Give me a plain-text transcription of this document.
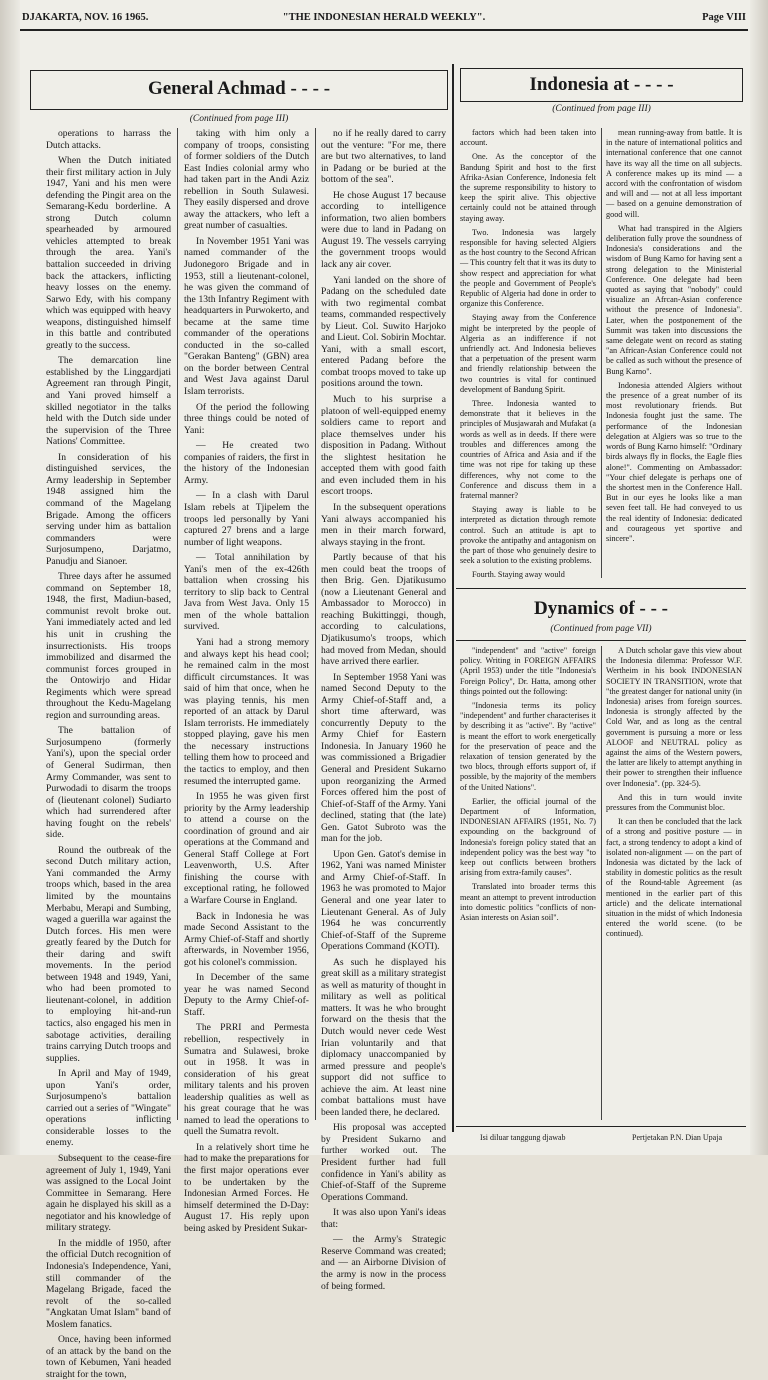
DJAKARTA, NOV. 16 1965.	"THE INDONESIAN HERALD WEEKLY".	Page VIII
General Achmad - - - -
(Continued from page III)

operations to harrass the Dutch attacks.

When the Dutch initiated their first military action in July 1947, Yani and his men were defending the Pingit area on the Semarang-Kedu borderline. A strong Dutch column spearheaded by armoured vehicles attempted to break through the area. Yani's battalion succeeded in driving back the attackers, inflicting heavy losses on the enemy. Sarwo Edy, with his company which was equipped with heavy weapons, distinguished himself in this battle and contributed greatly to the success.

The demarcation line established by the Linggardjati Agreement ran through Pingit, and Yani proved himself a skilled negotiator in the talks held with the Dutch side under the supervision of the Three Nations' Committee.

In consideration of his distinguished services, the Army leadership in September 1948 assigned him the command of the Magelang Brigade. Among the officers serving under him as battalion commanders were Surjosumpeno, Darjatmo, Panudju and Sianoer.

Three days after he assumed command on September 18, 1948, the first, Madiun-based, communist revolt broke out. Yani immediately acted and led his unit in crushing the insurrectionists. His troops immobilized and disarmed the communist forces grouped in the Ontowirjo and Hidar Regiments which were spread throughout the Kedu-Magelang region and surrounding areas.

The battalion of Surjosumpeno (formerly Yani's), upon the special order of General Sudirman, then Army Commander, was sent to Purwodadi to disarm the troops of (lieutenant colonel) Sudiarto which had surrendered after having fought on the rebels' side.

Round the outbreak of the second Dutch military action, Yani commanded the Army troops which, based in the area limited by the mountains Merbabu, Merapi and Sumbing, waged a guerilla war against the Dutch forces. His men were greatly feared by the Dutch for their daring and swift movements. In the period between 1948 and 1949, Yani, who had been promoted to lieutenant-colonel, in addition to employing hit-and-run tactics, also engaged his men in sabotage activities, derailing trains carrying Dutch troops and supplies.

In April and May of 1949, upon Yani's order, Surjosumpeno's battalion carried out a series of "Wingate" operations inflicting considerable losses to the enemy.

Subsequent to the cease-fire agreement of July 1, 1949, Yani was assigned to the Local Joint Committee in Semarang. Here again he displayed his skill as a negotiator and his knowledge of military strategy.

In the middle of 1950, after the official Dutch recognition of Indonesia's Independence, Yani, still commander of the Magelang Brigade, faced the revolt of the so-called "Angkatan Umat Islam" band of Moslem fanatics.

Once, having been informed of an attack by the band on the town of Kebumen, Yani headed straight for the town,

taking with him only a company of troops, consisting of former soldiers of the Dutch East Indies colonial army who had taken part in the Andi Aziz rebellion in South Sulawesi. They easily dispersed and drove away the attackers, who left a great number of casualties.

In November 1951 Yani was named commander of the Judonegoro Brigade and in 1953, still a lieutenant-colonel, he was given the command of the 13th Infantry Regiment with headquarters in Purwokerto, and became at the same time commander of the operations conducted in the so-called "Gerakan Banteng" (GBN) area on the border between Central and West Java against Darul Islam terrorists.

Of the period the following three things could be noted of Yani:

— He created two companies of raiders, the first in the history of the Indonesian Army.

— In a clash with Darul Islam rebels at Tjipelem the troops led personally by Yani captured 27 brens and a large number of light weapons.

— Total annihilation by Yani's men of the ex-426th battalion when crossing his territory to slip back to Central Java from West Java. Only 15 men of the whole battalion survived.

Yani had a strong memory and always kept his head cool; he remained calm in the most difficult circumstances. It was said of him that once, when he was playing tennis, his men reported of an attack by Darul Islam terrorists. He immediately stopped playing, gave his men the necessary instructions telling them how to proceed and the tactics to employ, and then resumed the interrupted game.

In 1955 he was given first priority by the Army leadership to attend a course on the coordination of ground and air operations at the Command and General Staff College at Fort Leavenworth, U.S. After finishing the course with exceptional rating, he followed a Warfare Course in England.

Back in Indonesia he was made Second Assistant to the Army Chief-of-Staff and shortly afterwards, in November 1956, got his colonel's commission.

In December of the same year he was named Second Deputy to the Army Chief-of-Staff.

The PRRI and Permesta rebellion, respectively in Sumatra and Sulawesi, broke out in 1958. It was in consideration of his great military talents and his proven leadership qualities as well as his great courage that he was named to lead the operations to quell the Sumatra revolt.

In a relatively short time he had to make the preparations for the first major operations ever to be undertaken by the Indonesian Armed Forces. He himself determined the D-Day: August 17. His reply upon being asked by President Sukar-

no if he really dared to carry out the venture: "For me, there are but two alternatives, to land in Padang or be buried at the bottom of the sea".

He chose August 17 because according to intelligence information, two alien bombers were due to land in Padang on August 19. The vessels carrying the government troops would lack any air cover.

Yani landed on the shore of Padang on the scheduled date with two regimental combat teams, commanded respectively by Lieut. Col. Suwito Harjoko and Lieut. Col. Sobirin Mochtar. Yani, with a small escort, entered Padang before the combat troops moved to take up positions around the town.

Much to his surprise a platoon of well-equipped enemy soldiers came to report and place themselves under his disposition in Padang. Without the slightest hesitation he accepted them with good faith and even included them in his escort troops.

In the subsequent operations Yani always accompanied his men in their march forward, always staying in the front.

Partly because of that his men could beat the troops of then Brig. Gen. Djatikusumo (now a Lieutenant General and Ambassador to Morocco) in reaching Bukittinggi, though, according to calculations, Djatikusumo's troops, which had moved from Medan, should have arrived there earlier.

In September 1958 Yani was named Second Deputy to the Army Chief-of-Staff and, a short time afterward, was concurrently Deputy to the Army Chief for Eastern Indonesia. In January 1960 he was commissioned a Brigadier General and President Sukarno upon reorganizing the Armed Forces offered him the post of Chief-of-Staff of the Army. Yani declined, stating that (the late) Gen. Gatot Subroto was the man for the job.

Upon Gen. Gatot's demise in 1962, Yani was named Minister and Army Chief-of-Staff. In 1963 he was promoted to Major General and one year later to Lieutenant General. As of July 1964 he was concurrently Chief-of-Staff of the Supreme Operations Command (KOTI).

As such he displayed his great skill as a military strategist as well as maturity of thought in military as well as political matters. It was he who brought forward on the thesis that the Dutch would never cede West Irian voluntarily and that diplomacy unaccompanied by armed pressure and people's support did not suffice to achieve the aim. At least nine combat battalions must have been landed there, he declared.

His proposal was accepted by President Sukarno and further worked out. The President further had full confidence in Yani's ability as Chief-of-Staff of the Supreme Operations Command.

It was also upon Yani's ideas that:

— the Army's Strategic Reserve Command was created; and — an Airborne Division of the army is now in the process of being formed.

Indonesia at - - - -
(Continued from page III)

factors which had been taken into account.

One. As the conceptor of the Bandung Spirit and host to the first Afrika-Asian Conference, Indonesia felt the supreme responsibility to history to keep the spirit alive. This objective certainly could not be attained through staying away.

Two. Indonesia was largely responsible for having selected Algiers as the host country to the Second African — This country felt that it was its duty to show respect and appreciation for what the people and Government of People's Republic of Algeria had done in order to organize this Conference.

Staying away from the Conference might be interpreted by the people of Algeria as an indifference if not unfriendly act. And Indonesia believes that a perpetuation of the present warm and friendly relationship between the two countries is vital for continued development of Bandung Spirit.

Three. Indonesia wanted to demonstrate that it believes in the principles of Musjawarah and Mufakat (a words as well as in deeds. If there were troubles and differences among the countries of Africa and Asia and if the time was not ripe for taking up these differences, why not come to the Conference and discuss them in a fraternal manner?

Staying away is liable to be interpreted as dictation through remote control. Such an attitude is apt to provoke the antipathy and antagonism on the part of those who genuinely desire to seek a solution to the existing problems.

Fourth. Staying away would

mean running-away from battle. It is in the nature of international politics and international conference that one cannot have its way all the time on all subjects. A conference makes up its mind — a accord with the confrontation of wisdom and will and — not at all less important — based on a genuine demonstration of good will.

What had transpired in the Algiers deliberation fully prove the soundness of Indonesia's considerations and the wisdom of Bung Karno for having sent a strong delegation to the Ministerial Conference. One delegate had been quoted as saying that "nobody" could visualize an Afrcan-Asian conference without the presence of Indonesia". Later, when the postponement of the Summit was taken into discussions the same delegate went on record as stating "an African-Asian Conference could not be called as such without the presence of Bung Karno".

Indonesia attended Algiers without the presence of a great number of its most revolutionary friends. But Indonesia fought just the same. The performance of the Indonesian delegation at Algiers was so true to the words of Bung Karno himself: "Ordinary birds always fly in flocks, the Eagle flies alone!". Commenting on Ambassador: "Your chief delegate is perhaps one of the shortest men in the Conference Hall. But in our eyes he looks like a man seven feet tall. He had conveyed to us the real identity of Indonesia: dedicated and courageous yet sportive and sincere".

Dynamics of - - -
(Continued from page VII)

"independent" and "active" foreign policy. Writing in FOREIGN AFFAIRS (April 1953) under the title "Indonesia's Foreign Policy", Dr. Hatta, among other things pointed out the following:

"Indonesia terms its policy "independent" and further characterises it by describing it as "active". By "active" is meant the effort to work energetically for the preservation of peace and the relaxation of tension generated by the two blocs, through efforts support of, if possible, by the majority of the members of the United Nations".

Earlier, the official journal of the Department of Information, INDONESIAN AFFAIRS (1951, No. 7) expounding on the background of Indonesia's foreign policy stated that an independent policy was the best way "to keep out conflicts between brothers arising from extra-family causes".

Translated into broader terms this meant an attempt to prevent introduction into domestic politics "conflicts of non-Asian interests on Asian soil".

A Dutch scholar gave this view about the Indonesia dilemma: Professor W.F. Wertheim in his book INDONESIAN SOCIETY IN TRANSITION, wrote that "the greatest danger for national unity (in Indonesia) arises from foreign sources. Indonesia is strongly affected by the Cold War, and as long as the central government is pursuing a more or less ALOOF and NEUTRAL policy as against the aims of the Western powers, the latter are likely to attempt anything in their power to strengthen their influence over Indonesia". (pp. 324-5).

And this in turn would invite pressures from the Communist bloc.

It can then be concluded that the lack of a strong and positive posture — in fact, a strong tendency to adopt a kind of isolated non-alignment — on the part of Indonesia was dictated by the lack of stability in domestic politics as the result of the Round-table Agreement (as mentioned in the earlier part of this article) and the delicate international situation in the midst of which Indonesia entered the world scene. (to be continued).

Isi diluar tanggung djawab	Pertjetakan P.N. Dian Upaja
